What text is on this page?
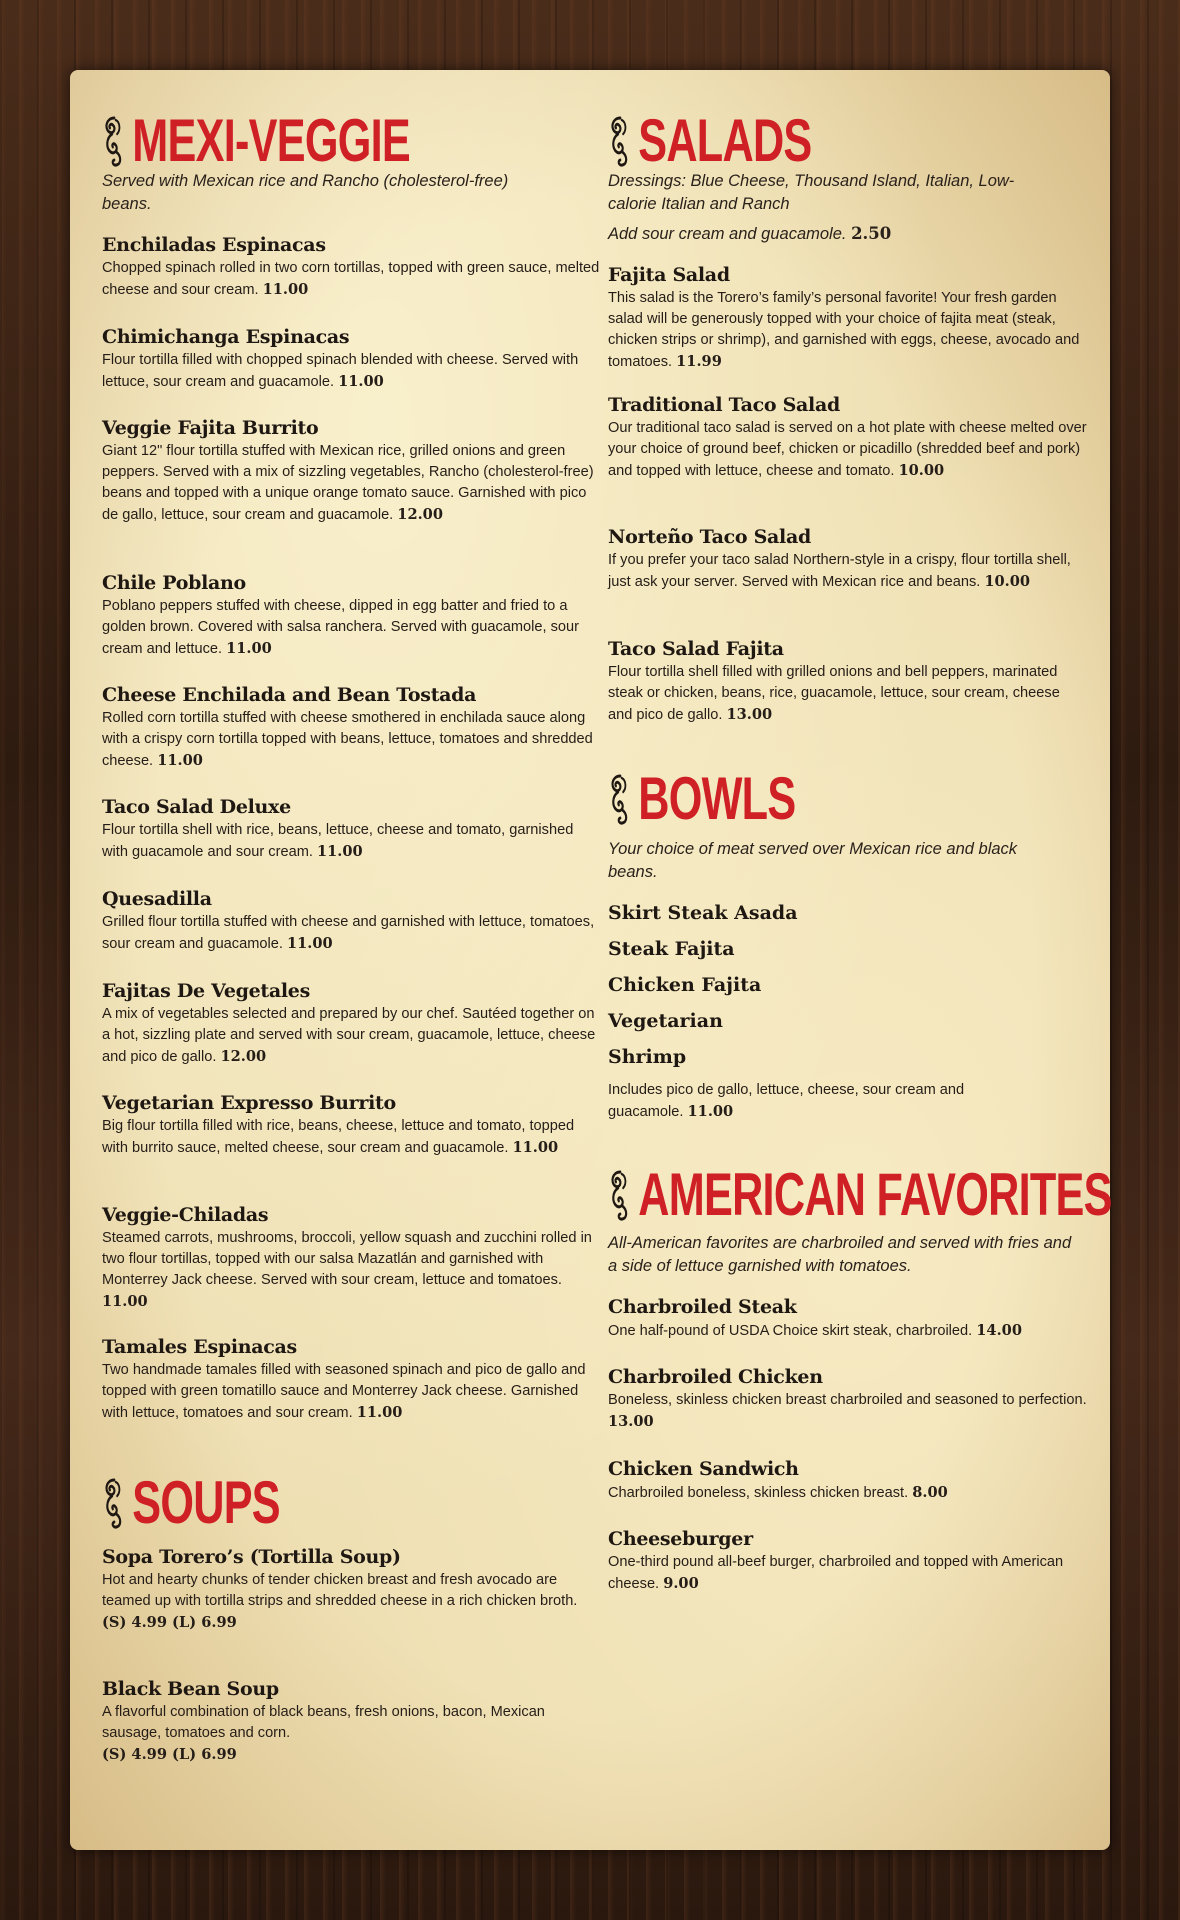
MEXI-VEGGIE

Served with Mexican rice and Rancho (cholesterol-free) beans.

Enchiladas Espinacas

Chopped spinach rolled in two corn tortillas, topped with green sauce, melted cheese and sour cream. 11.00

Chimichanga Espinacas

Flour tortilla filled with chopped spinach blended with cheese. Served with lettuce, sour cream and guacamole. 11.00

Veggie Fajita Burrito

Giant 12" flour tortilla stuffed with Mexican rice, grilled onions and green peppers. Served with a mix of sizzling vegetables, Rancho (cholesterol-free) beans and topped with a unique orange tomato sauce. Garnished with pico de gallo, lettuce, sour cream and guacamole. 12.00

Chile Poblano

Poblano peppers stuffed with cheese, dipped in egg batter and fried to a golden brown. Covered with salsa ranchera. Served with guacamole, sour cream and lettuce. 11.00

Cheese Enchilada and Bean Tostada

Rolled corn tortilla stuffed with cheese smothered in enchilada sauce along with a crispy corn tortilla topped with beans, lettuce, tomatoes and shredded cheese. 11.00

Taco Salad Deluxe

Flour tortilla shell with rice, beans, lettuce, cheese and tomato, garnished with guacamole and sour cream. 11.00

Quesadilla

Grilled flour tortilla stuffed with cheese and garnished with lettuce, tomatoes, sour cream and guacamole. 11.00

Fajitas De Vegetales

A mix of vegetables selected and prepared by our chef. Sautéed together on a hot, sizzling plate and served with sour cream, guacamole, lettuce, cheese and pico de gallo. 12.00

Vegetarian Expresso Burrito

Big flour tortilla filled with rice, beans, cheese, lettuce and tomato, topped with burrito sauce, melted cheese, sour cream and guacamole. 11.00

Veggie-Chiladas

Steamed carrots, mushrooms, broccoli, yellow squash and zucchini rolled in two flour tortillas, topped with our salsa Mazatlán and garnished with Monterrey Jack cheese. Served with sour cream, lettuce and tomatoes. 11.00

Tamales Espinacas

Two handmade tamales filled with seasoned spinach and pico de gallo and topped with green tomatillo sauce and Monterrey Jack cheese. Garnished with lettuce, tomatoes and sour cream. 11.00

SOUPS

Sopa Torero’s (Tortilla Soup)

Hot and hearty chunks of tender chicken breast and fresh avocado are teamed up with tortilla strips and shredded cheese in a rich chicken broth.

(S) 4.99 (L) 6.99

Black Bean Soup

A flavorful combination of black beans, fresh onions, bacon, Mexican sausage, tomatoes and corn.

(S) 4.99 (L) 6.99

SALADS

Dressings: Blue Cheese, Thousand Island, Italian, Low-calorie Italian and Ranch

Add sour cream and guacamole. 2.50

Fajita Salad

This salad is the Torero’s family’s personal favorite! Your fresh garden salad will be generously topped with your choice of fajita meat (steak, chicken strips or shrimp), and garnished with eggs, cheese, avocado and tomatoes. 11.99

Traditional Taco Salad

Our traditional taco salad is served on a hot plate with cheese melted over your choice of ground beef, chicken or picadillo (shredded beef and pork) and topped with lettuce, cheese and tomato. 10.00

Norteño Taco Salad

If you prefer your taco salad Northern-style in a crispy, flour tortilla shell, just ask your server. Served with Mexican rice and beans. 10.00

Taco Salad Fajita

Flour tortilla shell filled with grilled onions and bell peppers, marinated steak or chicken, beans, rice, guacamole, lettuce, sour cream, cheese and pico de gallo. 13.00

BOWLS

Your choice of meat served over Mexican rice and black beans.

Skirt Steak Asada
Steak Fajita
Chicken Fajita
Vegetarian
Shrimp

Includes pico de gallo, lettuce, cheese, sour cream and guacamole. 11.00

AMERICAN FAVORITES

All-American favorites are charbroiled and served with fries and a side of lettuce garnished with tomatoes.

Charbroiled Steak

One half-pound of USDA Choice skirt steak, charbroiled. 14.00

Charbroiled Chicken

Boneless, skinless chicken breast charbroiled and seasoned to perfection. 13.00

Chicken Sandwich

Charbroiled boneless, skinless chicken breast. 8.00

Cheeseburger

One-third pound all-beef burger, charbroiled and topped with American cheese. 9.00
